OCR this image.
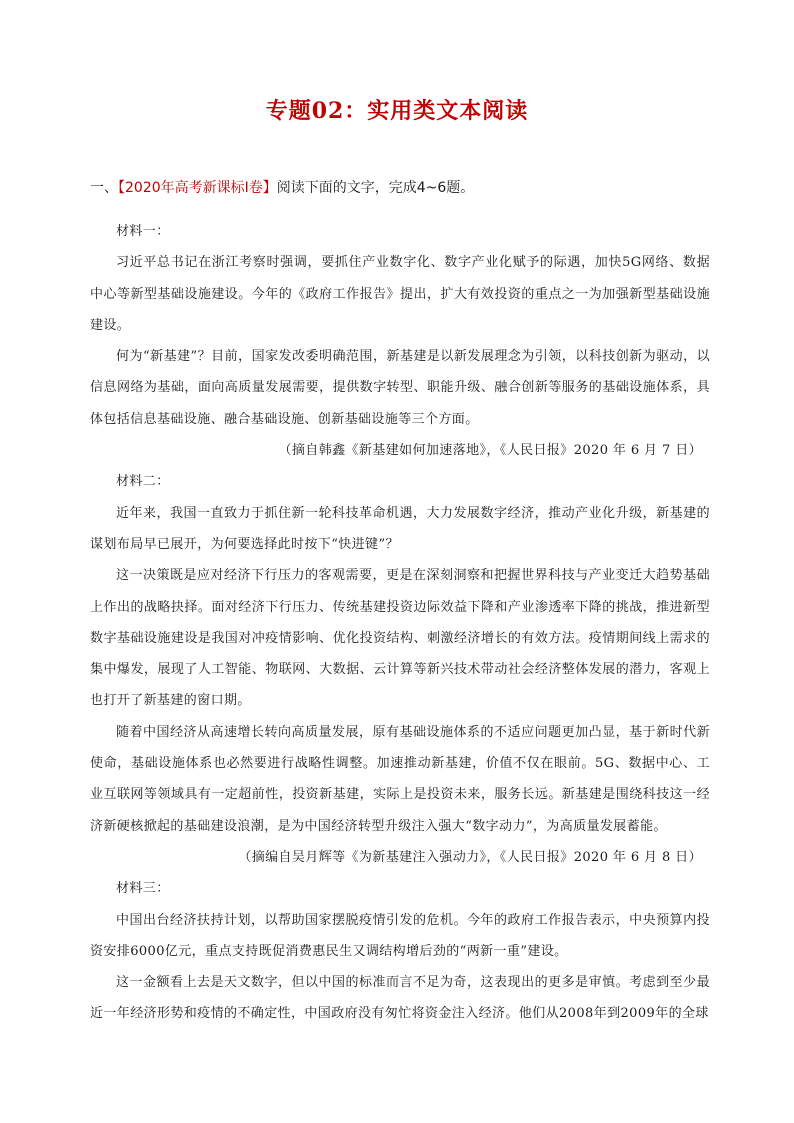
专题02：实用类文本阅读
一、【2020年高考新课标Ⅰ卷】阅读下面的文字，完成4~6题。

材料一：

习近平总书记在浙江考察时强调，要抓住产业数字化、数字产业化赋予的际遇，加快5G网络、数据中心等新型基础设施建设。今年的《政府工作报告》提出，扩大有效投资的重点之一为加强新型基础设施建设。

何为“新基建”？目前，国家发改委明确范围，新基建是以新发展理念为引领，以科技创新为驱动，以信息网络为基础，面向高质量发展需要，提供数字转型、职能升级、融合创新等服务的基础设施体系，具体包括信息基础设施、融合基础设施、创新基础设施等三个方面。

（摘自韩鑫《新基建如何加速落地》，《人民日报》2020 年 6 月 7 日）

材料二：

近年来，我国一直致力于抓住新一轮科技革命机遇，大力发展数字经济，推动产业化升级，新基建的谋划布局早已展开，为何要选择此时按下“快进键”？

这一决策既是应对经济下行压力的客观需要，更是在深刻洞察和把握世界科技与产业变迁大趋势基础上作出的战略抉择。面对经济下行压力、传统基建投资边际效益下降和产业渗透率下降的挑战，推进新型数字基础设施建设是我国对冲疫情影响、优化投资结构、刺激经济增长的有效方法。疫情期间线上需求的集中爆发，展现了人工智能、物联网、大数据、云计算等新兴技术带动社会经济整体发展的潜力，客观上也打开了新基建的窗口期。

随着中国经济从高速增长转向高质量发展，原有基础设施体系的不适应问题更加凸显，基于新时代新使命，基础设施体系也必然要进行战略性调整。加速推动新基建，价值不仅在眼前。5G、数据中心、工业互联网等领域具有一定超前性，投资新基建，实际上是投资未来，服务长远。新基建是围绕科技这一经济新硬核掀起的基础建设浪潮，是为中国经济转型升级注入强大“数字动力”，为高质量发展蓄能。

（摘编自吴月辉等《为新基建注入强动力》，《人民日报》2020 年 6 月 8 日）

材料三：

中国出台经济扶持计划，以帮助国家摆脱疫情引发的危机。今年的政府工作报告表示，中央预算内投资安排6000亿元，重点支持既促消费惠民生又调结构增后劲的“两新一重”建设。

这一金额看上去是天文数字，但以中国的标准而言不足为奇，这表现出的更多是审慎。考虑到至少最近一年经济形势和疫情的不确定性，中国政府没有匆忙将资金注入经济。他们从2008年到2009年的全球
